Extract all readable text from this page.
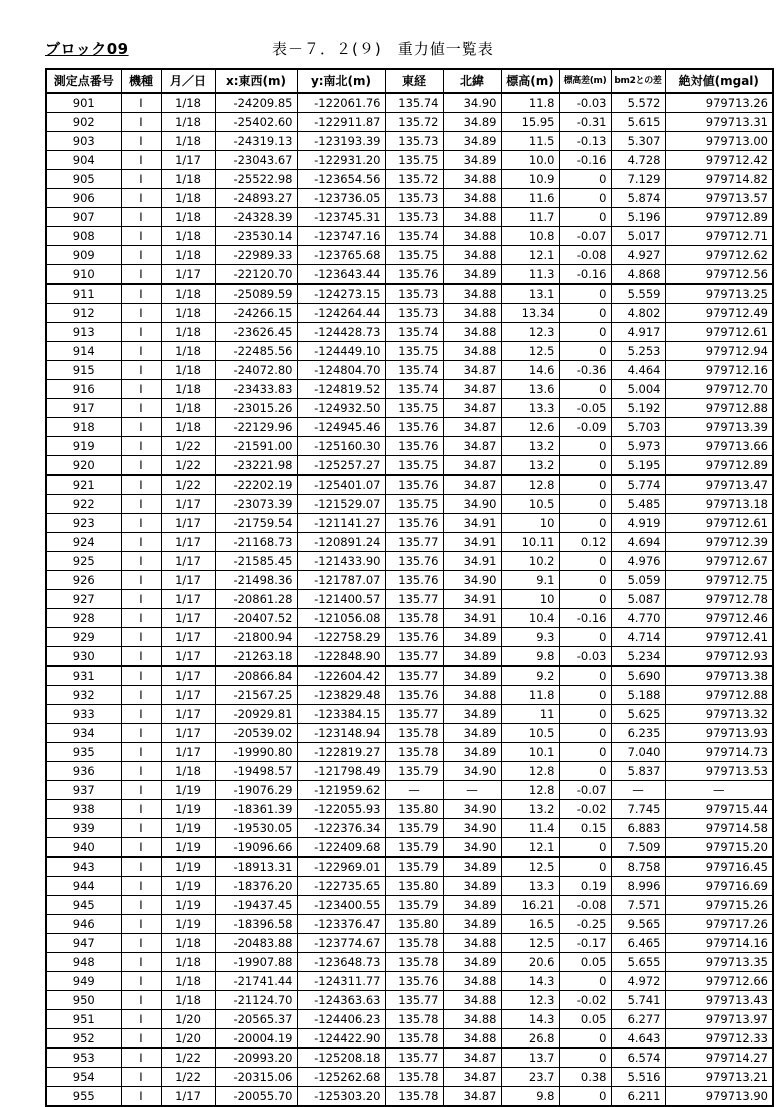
ブロック09	表－７．２(９)　重力値一覧表
測定点番号	機種	月／日	x:東西(m)	y:南北(m)	東経	北緯	標高(m)	標高差(m)	bm2との差	絶対値(mgal)
901	I	1/18	-24209.85	-122061.76	135.74	34.90	11.8	-0.03	5.572	979713.26
902	I	1/18	-25402.60	-122911.87	135.72	34.89	15.95	-0.31	5.615	979713.31
903	I	1/18	-24319.13	-123193.39	135.73	34.89	11.5	-0.13	5.307	979713.00
904	I	1/17	-23043.67	-122931.20	135.75	34.89	10.0	-0.16	4.728	979712.42
905	I	1/18	-25522.98	-123654.56	135.72	34.88	10.9	0	7.129	979714.82
906	I	1/18	-24893.27	-123736.05	135.73	34.88	11.6	0	5.874	979713.57
907	I	1/18	-24328.39	-123745.31	135.73	34.88	11.7	0	5.196	979712.89
908	I	1/18	-23530.14	-123747.16	135.74	34.88	10.8	-0.07	5.017	979712.71
909	I	1/18	-22989.33	-123765.68	135.75	34.88	12.1	-0.08	4.927	979712.62
910	I	1/17	-22120.70	-123643.44	135.76	34.89	11.3	-0.16	4.868	979712.56
911	I	1/18	-25089.59	-124273.15	135.73	34.88	13.1	0	5.559	979713.25
912	I	1/18	-24266.15	-124264.44	135.73	34.88	13.34	0	4.802	979712.49
913	I	1/18	-23626.45	-124428.73	135.74	34.88	12.3	0	4.917	979712.61
914	I	1/18	-22485.56	-124449.10	135.75	34.88	12.5	0	5.253	979712.94
915	I	1/18	-24072.80	-124804.70	135.74	34.87	14.6	-0.36	4.464	979712.16
916	I	1/18	-23433.83	-124819.52	135.74	34.87	13.6	0	5.004	979712.70
917	I	1/18	-23015.26	-124932.50	135.75	34.87	13.3	-0.05	5.192	979712.88
918	I	1/18	-22129.96	-124945.46	135.76	34.87	12.6	-0.09	5.703	979713.39
919	I	1/22	-21591.00	-125160.30	135.76	34.87	13.2	0	5.973	979713.66
920	I	1/22	-23221.98	-125257.27	135.75	34.87	13.2	0	5.195	979712.89
921	I	1/22	-22202.19	-125401.07	135.76	34.87	12.8	0	5.774	979713.47
922	I	1/17	-23073.39	-121529.07	135.75	34.90	10.5	0	5.485	979713.18
923	I	1/17	-21759.54	-121141.27	135.76	34.91	10	0	4.919	979712.61
924	I	1/17	-21168.73	-120891.24	135.77	34.91	10.11	0.12	4.694	979712.39
925	I	1/17	-21585.45	-121433.90	135.76	34.91	10.2	0	4.976	979712.67
926	I	1/17	-21498.36	-121787.07	135.76	34.90	9.1	0	5.059	979712.75
927	I	1/17	-20861.28	-121400.57	135.77	34.91	10	0	5.087	979712.78
928	I	1/17	-20407.52	-121056.08	135.78	34.91	10.4	-0.16	4.770	979712.46
929	I	1/17	-21800.94	-122758.29	135.76	34.89	9.3	0	4.714	979712.41
930	I	1/17	-21263.18	-122848.90	135.77	34.89	9.8	-0.03	5.234	979712.93
931	I	1/17	-20866.84	-122604.42	135.77	34.89	9.2	0	5.690	979713.38
932	I	1/17	-21567.25	-123829.48	135.76	34.88	11.8	0	5.188	979712.88
933	I	1/17	-20929.81	-123384.15	135.77	34.89	11	0	5.625	979713.32
934	I	1/17	-20539.02	-123148.94	135.78	34.89	10.5	0	6.235	979713.93
935	I	1/17	-19990.80	-122819.27	135.78	34.89	10.1	0	7.040	979714.73
936	I	1/18	-19498.57	-121798.49	135.79	34.90	12.8	0	5.837	979713.53
937	I	1/19	-19076.29	-121959.62	—	—	12.8	-0.07	—	—
938	I	1/19	-18361.39	-122055.93	135.80	34.90	13.2	-0.02	7.745	979715.44
939	I	1/19	-19530.05	-122376.34	135.79	34.90	11.4	0.15	6.883	979714.58
940	I	1/19	-19096.66	-122409.68	135.79	34.90	12.1	0	7.509	979715.20
943	I	1/19	-18913.31	-122969.01	135.79	34.89	12.5	0	8.758	979716.45
944	I	1/19	-18376.20	-122735.65	135.80	34.89	13.3	0.19	8.996	979716.69
945	I	1/19	-19437.45	-123400.55	135.79	34.89	16.21	-0.08	7.571	979715.26
946	I	1/19	-18396.58	-123376.47	135.80	34.89	16.5	-0.25	9.565	979717.26
947	I	1/18	-20483.88	-123774.67	135.78	34.88	12.5	-0.17	6.465	979714.16
948	I	1/18	-19907.88	-123648.73	135.78	34.89	20.6	0.05	5.655	979713.35
949	I	1/18	-21741.44	-124311.77	135.76	34.88	14.3	0	4.972	979712.66
950	I	1/18	-21124.70	-124363.63	135.77	34.88	12.3	-0.02	5.741	979713.43
951	I	1/20	-20565.37	-124406.23	135.78	34.88	14.3	0.05	6.277	979713.97
952	I	1/20	-20004.19	-124422.90	135.78	34.88	26.8	0	4.643	979712.33
953	I	1/22	-20993.20	-125208.18	135.77	34.87	13.7	0	6.574	979714.27
954	I	1/22	-20315.06	-125262.68	135.78	34.87	23.7	0.38	5.516	979713.21
955	I	1/17	-20055.70	-125303.20	135.78	34.87	9.8	0	6.211	979713.90
